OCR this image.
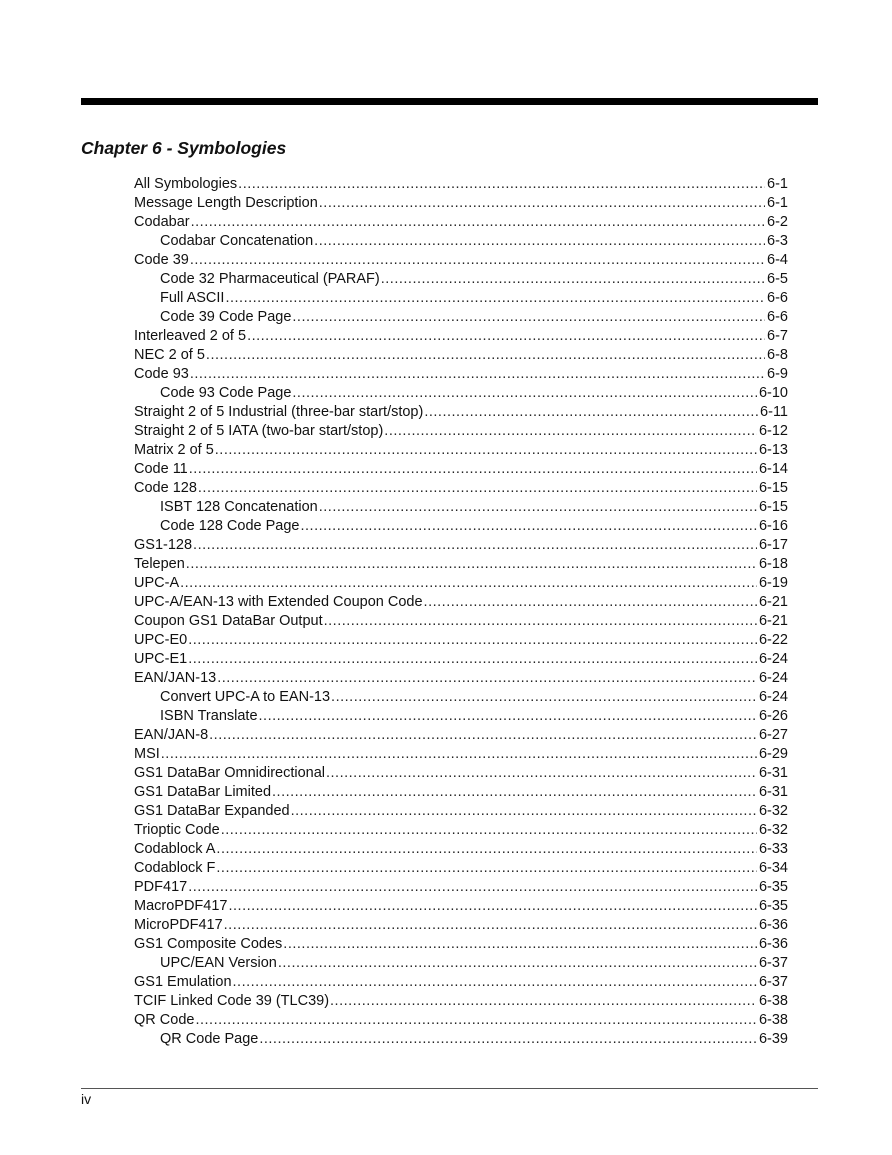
Chapter 6 - Symbologies
All Symbologies .....	6-1
Message Length Description .....	6-1
Codabar .....	6-2
Codabar Concatenation .....	6-3
Code 39 .....	6-4
Code 32 Pharmaceutical (PARAF) .....	6-5
Full ASCII .....	6-6
Code 39 Code Page .....	6-6
Interleaved 2 of 5 .....	6-7
NEC 2 of 5 .....	6-8
Code 93 .....	6-9
Code 93 Code Page .....	6-10
Straight 2 of 5 Industrial (three-bar start/stop) .....	6-11
Straight 2 of 5 IATA (two-bar start/stop) .....	6-12
Matrix 2 of 5 .....	6-13
Code 11 .....	6-14
Code 128 .....	6-15
ISBT 128 Concatenation .....	6-15
Code 128 Code Page .....	6-16
GS1-128 .....	6-17
Telepen .....	6-18
UPC-A .....	6-19
UPC-A/EAN-13 with Extended Coupon Code .....	6-21
Coupon GS1 DataBar Output .....	6-21
UPC-E0 .....	6-22
UPC-E1 .....	6-24
EAN/JAN-13 .....	6-24
Convert UPC-A to EAN-13 .....	6-24
ISBN Translate .....	6-26
EAN/JAN-8 .....	6-27
MSI .....	6-29
GS1 DataBar Omnidirectional .....	6-31
GS1 DataBar Limited .....	6-31
GS1 DataBar Expanded .....	6-32
Trioptic Code .....	6-32
Codablock A .....	6-33
Codablock F .....	6-34
PDF417 .....	6-35
MacroPDF417 .....	6-35
MicroPDF417 .....	6-36
GS1 Composite Codes .....	6-36
UPC/EAN Version .....	6-37
GS1 Emulation .....	6-37
TCIF Linked Code 39 (TLC39) .....	6-38
QR Code .....	6-38
QR Code Page .....	6-39
iv
